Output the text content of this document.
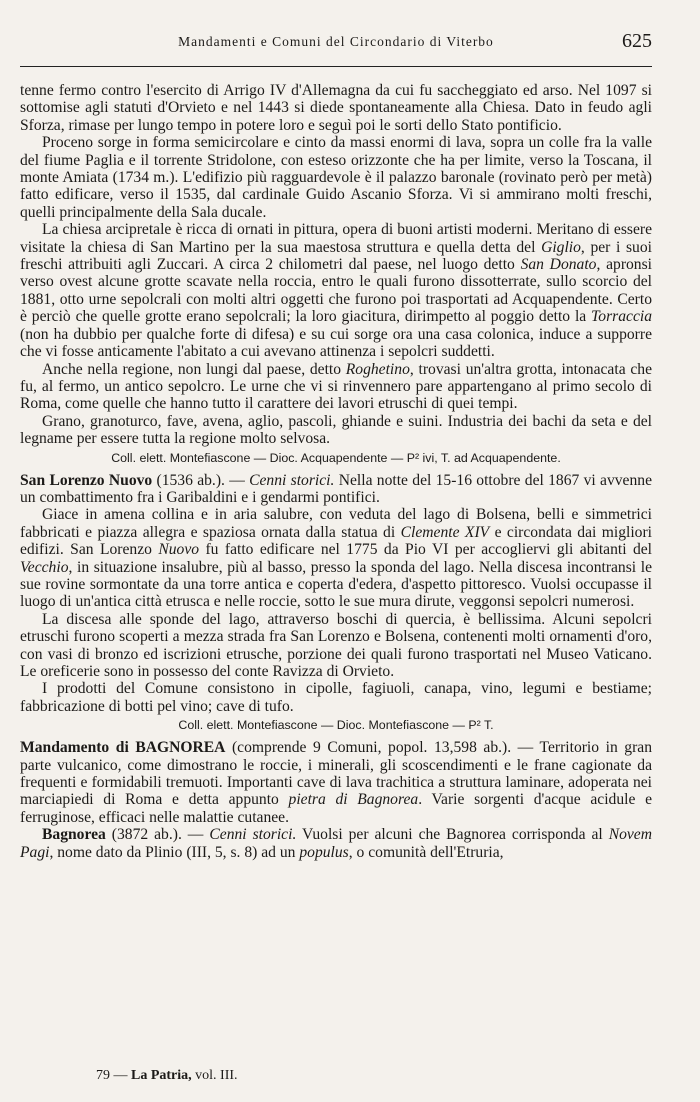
Mandamenti e Comuni del Circondario di Viterbo	625

tenne fermo contro l'esercito di Arrigo IV d'Allemagna da cui fu saccheggiato ed arso. Nel 1097 si sottomise agli statuti d'Orvieto e nel 1443 si diede spontaneamente alla Chiesa. Dato in feudo agli Sforza, rimase per lungo tempo in potere loro e seguì poi le sorti dello Stato pontificio.

Proceno sorge in forma semicircolare e cinto da massi enormi di lava, sopra un colle fra la valle del fiume Paglia e il torrente Stridolone, con esteso orizzonte che ha per limite, verso la Toscana, il monte Amiata (1734 m.). L'edifizio più ragguardevole è il palazzo baronale (rovinato però per metà) fatto edificare, verso il 1535, dal cardinale Guido Ascanio Sforza. Vi si ammirano molti freschi, quelli principalmente della Sala ducale.

La chiesa arcipretale è ricca di ornati in pittura, opera di buoni artisti moderni. Meritano di essere visitate la chiesa di San Martino per la sua maestosa struttura e quella detta del Giglio, per i suoi freschi attribuiti agli Zuccari. A circa 2 chilometri dal paese, nel luogo detto San Donato, apronsi verso ovest alcune grotte scavate nella roccia, entro le quali furono dissotterrate, sullo scorcio del 1881, otto urne sepolcrali con molti altri oggetti che furono poi trasportati ad Acquapendente. Certo è perciò che quelle grotte erano sepolcrali; la loro giacitura, dirimpetto al poggio detto la Torraccia (non ha dubbio per qualche forte di difesa) e su cui sorge ora una casa colonica, induce a supporre che vi fosse anticamente l'abitato a cui avevano attinenza i sepolcri suddetti.

Anche nella regione, non lungi dal paese, detto Roghetino, trovasi un'altra grotta, intonacata che fu, al fermo, un antico sepolcro. Le urne che vi si rinvennero pare appartengano al primo secolo di Roma, come quelle che hanno tutto il carattere dei lavori etruschi di quei tempi.

Grano, granoturco, fave, avena, aglio, pascoli, ghiande e suini. Industria dei bachi da seta e del legname per essere tutta la regione molto selvosa.

Coll. elett. Montefiascone — Dioc. Acquapendente — P² ivi, T. ad Acquapendente.

San Lorenzo Nuovo (1536 ab.). — Cenni storici. Nella notte del 15-16 ottobre del 1867 vi avvenne un combattimento fra i Garibaldini e i gendarmi pontifici.

Giace in amena collina e in aria salubre, con veduta del lago di Bolsena, belli e simmetrici fabbricati e piazza allegra e spaziosa ornata dalla statua di Clemente XIV e circondata dai migliori edifizi. San Lorenzo Nuovo fu fatto edificare nel 1775 da Pio VI per accogliervi gli abitanti del Vecchio, in situazione insalubre, più al basso, presso la sponda del lago. Nella discesa incontransi le sue rovine sormontate da una torre antica e coperta d'edera, d'aspetto pittoresco. Vuolsi occupasse il luogo di un'antica città etrusca e nelle roccie, sotto le sue mura dirute, veggonsi sepolcri numerosi.

La discesa alle sponde del lago, attraverso boschi di quercia, è bellissima. Alcuni sepolcri etruschi furono scoperti a mezza strada fra San Lorenzo e Bolsena, contenenti molti ornamenti d'oro, con vasi di bronzo ed iscrizioni etrusche, porzione dei quali furono trasportati nel Museo Vaticano. Le oreficerie sono in possesso del conte Ravizza di Orvieto.

I prodotti del Comune consistono in cipolle, fagiuoli, canapa, vino, legumi e bestiame; fabbricazione di botti pel vino; cave di tufo.

Coll. elett. Montefiascone — Dioc. Montefiascone — P² T.

Mandamento di BAGNOREA (comprende 9 Comuni, popol. 13,598 ab.). — Territorio in gran parte vulcanico, come dimostrano le roccie, i minerali, gli scoscendimenti e le frane cagionate da frequenti e formidabili tremuoti. Importanti cave di lava trachitica a struttura laminare, adoperata nei marciapiedi di Roma e detta appunto pietra di Bagnorea. Varie sorgenti d'acque acidule e ferruginose, efficaci nelle malattie cutanee.

Bagnorea (3872 ab.). — Cenni storici. Vuolsi per alcuni che Bagnorea corrisponda al Novem Pagi, nome dato da Plinio (III, 5, s. 8) ad un populus, o comunità dell'Etruria,

79 — La Patria, vol. III.
